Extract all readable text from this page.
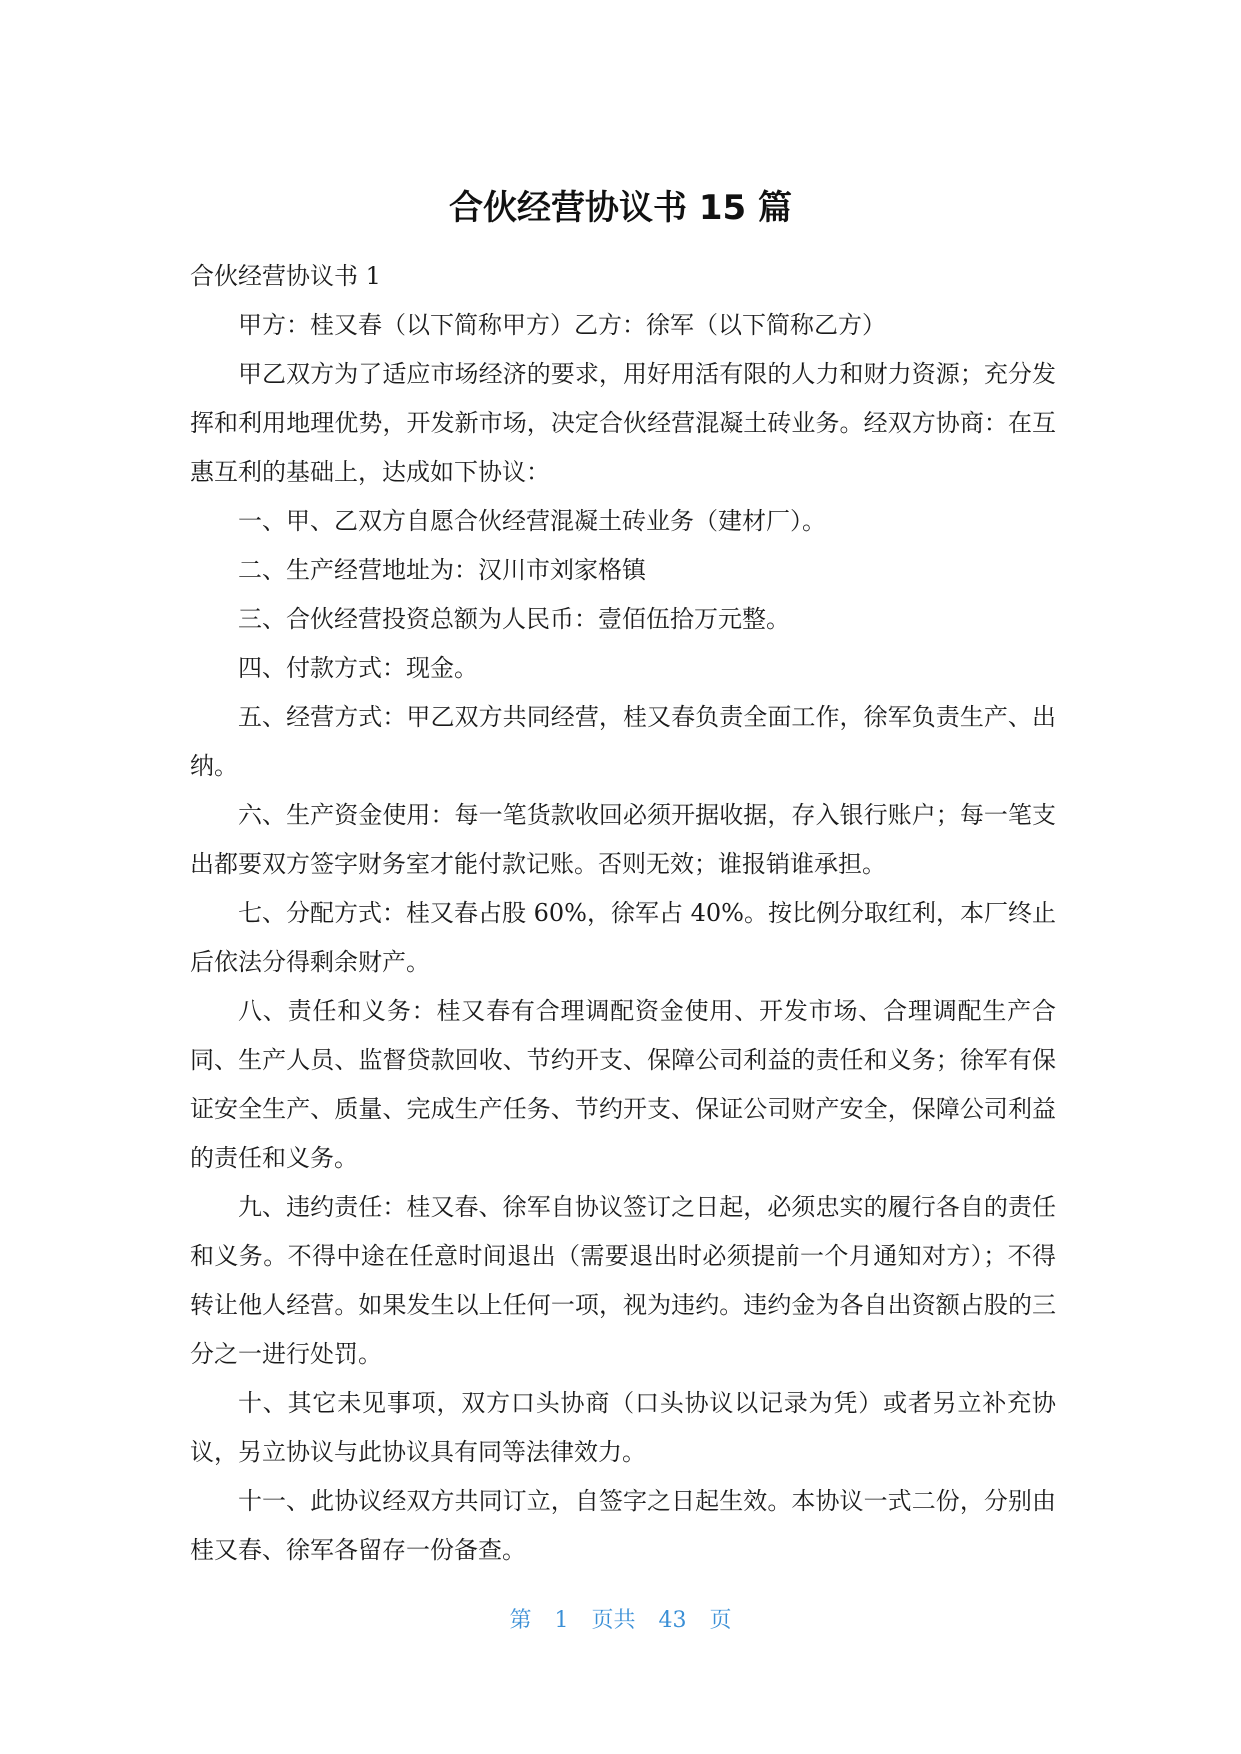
合伙经营协议书 15 篇

合伙经营协议书 1

甲方：桂又春（以下简称甲方）乙方：徐军（以下简称乙方）

甲乙双方为了适应市场经济的要求，用好用活有限的人力和财力资源；充分发挥和利用地理优势，开发新市场，决定合伙经营混凝土砖业务。经双方协商：在互惠互利的基础上，达成如下协议：

一、甲、乙双方自愿合伙经营混凝土砖业务（建材厂）。

二、生产经营地址为：汉川市刘家格镇

三、合伙经营投资总额为人民币：壹佰伍拾万元整。

四、付款方式：现金。

五、经营方式：甲乙双方共同经营，桂又春负责全面工作，徐军负责生产、出纳。

六、生产资金使用：每一笔货款收回必须开据收据，存入银行账户；每一笔支出都要双方签字财务室才能付款记账。否则无效；谁报销谁承担。

七、分配方式：桂又春占股 60%，徐军占 40%。按比例分取红利，本厂终止后依法分得剩余财产。

八、责任和义务：桂又春有合理调配资金使用、开发市场、合理调配生产合同、生产人员、监督贷款回收、节约开支、保障公司利益的责任和义务；徐军有保证安全生产、质量、完成生产任务、节约开支、保证公司财产安全，保障公司利益的责任和义务。

九、违约责任：桂又春、徐军自协议签订之日起，必须忠实的履行各自的责任和义务。不得中途在任意时间退出（需要退出时必须提前一个月通知对方）；不得转让他人经营。如果发生以上任何一项，视为违约。违约金为各自出资额占股的三分之一进行处罚。

十、其它未见事项，双方口头协商（口头协议以记录为凭）或者另立补充协议，另立协议与此协议具有同等法律效力。

十一、此协议经双方共同订立，自签字之日起生效。本协议一式二份，分别由桂又春、徐军各留存一份备查。

第 1 页共 43 页
